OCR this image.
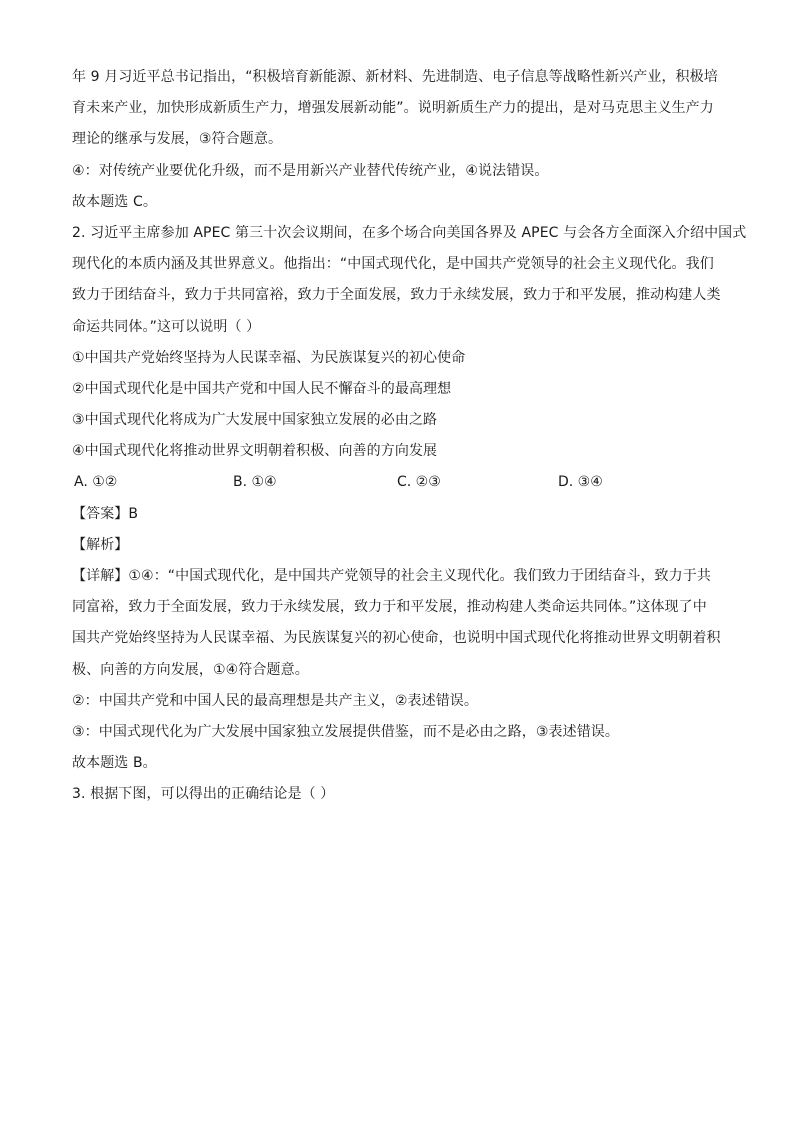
年 9 月习近平总书记指出，“积极培育新能源、新材料、先进制造、电子信息等战略性新兴产业，积极培
育未来产业，加快形成新质生产力，增强发展新动能”。说明新质生产力的提出，是对马克思主义生产力
理论的继承与发展，③符合题意。
④：对传统产业要优化升级，而不是用新兴产业替代传统产业，④说法错误。
故本题选 C。
2. 习近平主席参加 APEC 第三十次会议期间，在多个场合向美国各界及 APEC 与会各方全面深入介绍中国式
现代化的本质内涵及其世界意义。他指出：“中国式现代化，是中国共产党领导的社会主义现代化。我们
致力于团结奋斗，致力于共同富裕，致力于全面发展，致力于永续发展，致力于和平发展，推动构建人类
命运共同体。”这可以说明（ ）
①中国共产党始终坚持为人民谋幸福、为民族谋复兴的初心使命
②中国式现代化是中国共产党和中国人民不懈奋斗的最高理想
③中国式现代化将成为广大发展中国家独立发展的必由之路
④中国式现代化将推动世界文明朝着积极、向善的方向发展
A. ①②	B. ①④	C. ②③	D. ③④
【答案】B
【解析】
【详解】①④：“中国式现代化，是中国共产党领导的社会主义现代化。我们致力于团结奋斗，致力于共
同富裕，致力于全面发展，致力于永续发展，致力于和平发展，推动构建人类命运共同体。”这体现了中
国共产党始终坚持为人民谋幸福、为民族谋复兴的初心使命，也说明中国式现代化将推动世界文明朝着积
极、向善的方向发展，①④符合题意。
②：中国共产党和中国人民的最高理想是共产主义，②表述错误。
③：中国式现代化为广大发展中国家独立发展提供借鉴，而不是必由之路，③表述错误。
故本题选 B。
3. 根据下图，可以得出的正确结论是（ ）
